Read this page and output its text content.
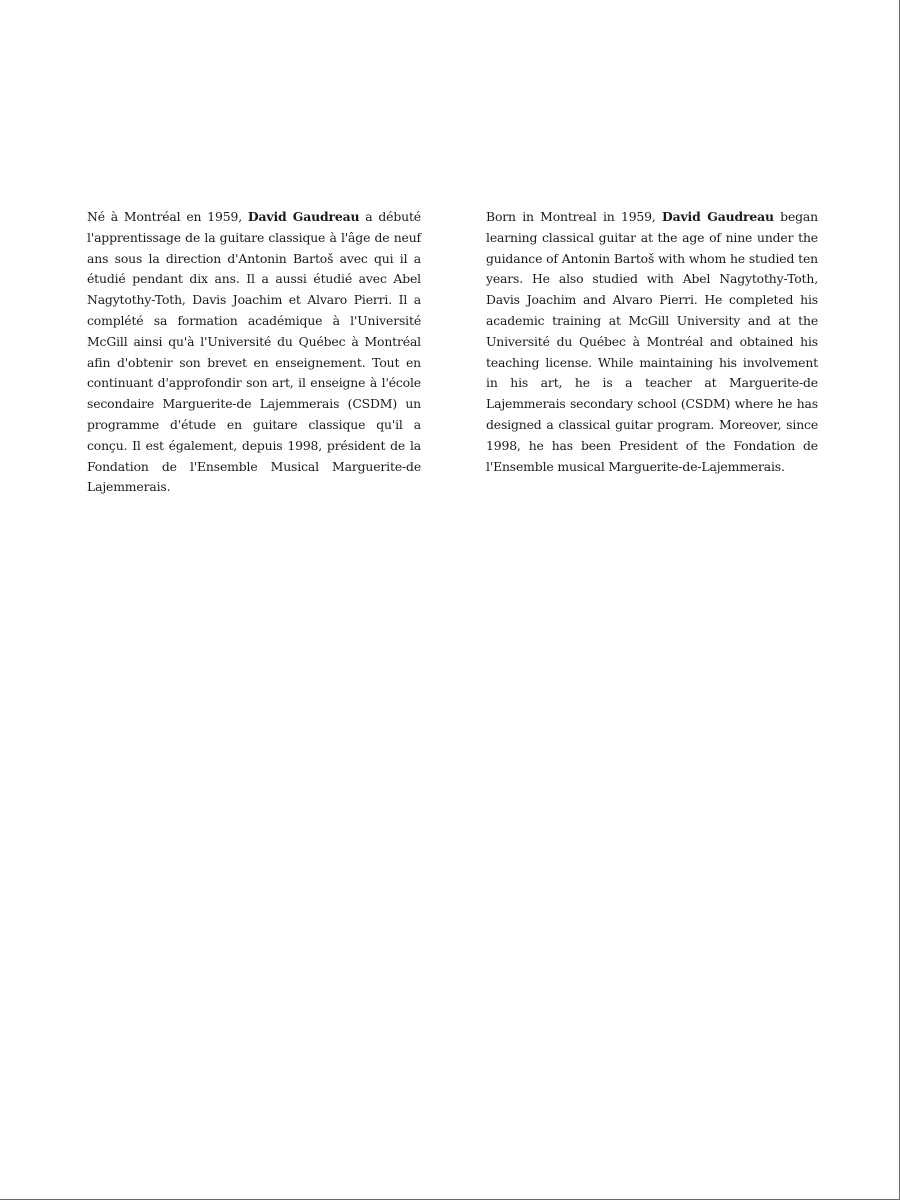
Né à Montréal en 1959, David Gaudreau a débuté l'apprentissage de la guitare classique à l'âge de neuf ans sous la direction d'Antonin Bartoš avec qui il a étudié pendant dix ans. Il a aussi étudié avec Abel Nagytothy-Toth, Davis Joachim et Alvaro Pierri. Il a complété sa formation académique à l'Université McGill ainsi qu'à l'Université du Québec à Montréal afin d'obtenir son brevet en enseignement. Tout en continuant d'approfondir son art, il enseigne à l'école secondaire Marguerite-de Lajemmerais (CSDM) un programme d'étude en guitare classique qu'il a conçu. Il est également, depuis 1998, président de la Fondation de l'Ensemble Musical Marguerite-de Lajemmerais.

Born in Montreal in 1959, David Gaudreau began learning classical guitar at the age of nine under the guidance of Antonin Bartoš with whom he studied ten years. He also studied with Abel Nagytothy-Toth, Davis Joachim and Alvaro Pierri. He completed his academic training at McGill University and at the Université du Québec à Montréal and obtained his teaching license. While maintaining his involvement in his art, he is a teacher at Marguerite-de Lajemmerais secondary school (CSDM) where he has designed a classical guitar program. Moreover, since 1998, he has been President of the Fondation de l'Ensemble musical Marguerite-de-Lajemmerais.
